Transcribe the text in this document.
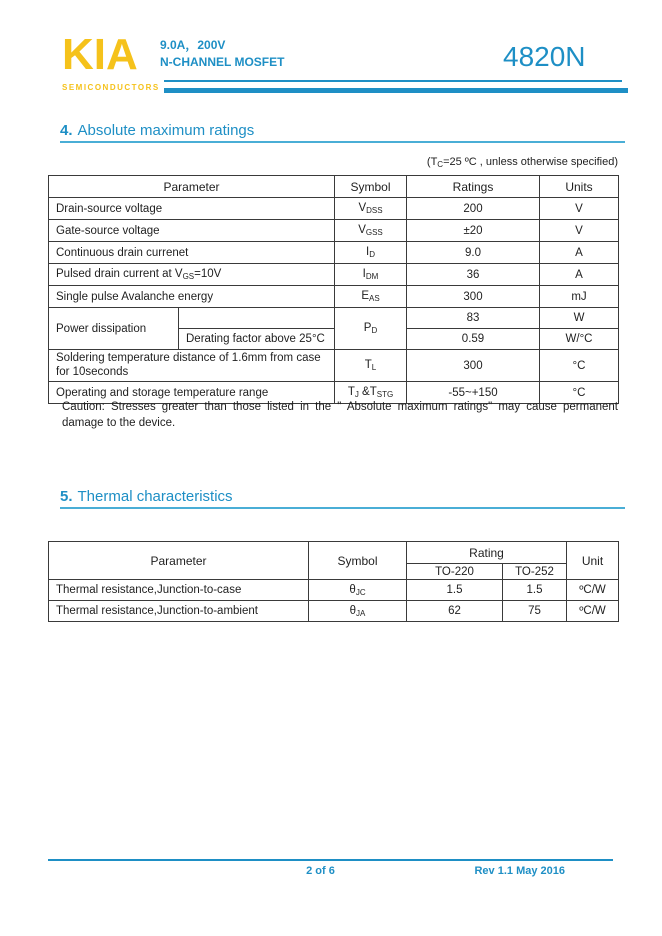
KIA
SEMICONDUCTORS
9.0A，200V
N-CHANNEL MOSFET	4820N
4. Absolute maximum ratings
($T_C=25$ ºC , unless otherwise specified)
Parameter		Symbol	Ratings	Units
Drain-source voltage		$V_{DSS}$	200	V
Gate-source voltage		$V_{GSS}$	±20	V
Continuous drain currenet		$I_D$	9.0	A
Pulsed drain current at $V_{GS}=10V$		$I_{DM}$	36	A
Single pulse Avalanche energy		$E_{AS}$	300	mJ
Power dissipation		$P_D$	83	W
	Derating factor above 25°C		0.59	W/°C
Soldering temperature distance of 1.6mm from case for 10seconds		$T_L$	300	°C
Operating and storage temperature range		$T_J$ $\&T_{STG}$	-55~+150	°C
Caution: Stresses greater than those listed in the " Absolute maximum ratings" may cause permanent damage to the device.
5. Thermal characteristics
Parameter	Symbol	Rating		Unit
		TO-220	TO-252	
Thermal resistance,Junction-to-case	$\theta_{JC}$	1.5	1.5	ºC/W
Thermal resistance,Junction-to-ambient	$\theta_{JA}$	62	75	ºC/W
2 of 6	Rev 1.1 May 2016
